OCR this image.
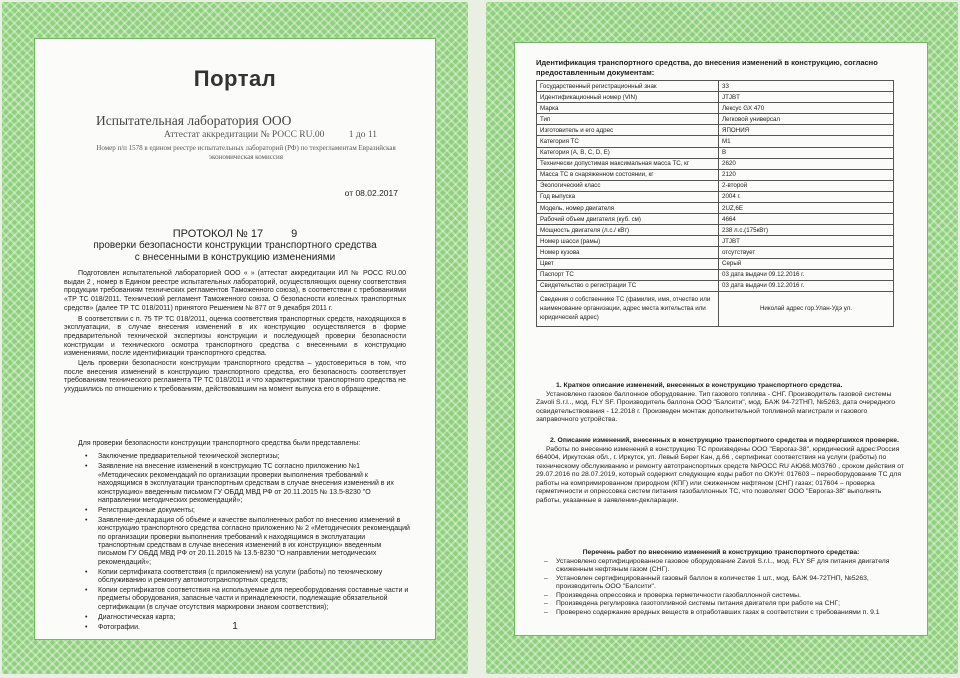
Портал
Испытательная лаборатория ООО
Аттестат аккредитации № РОСС RU.00	1 до 11
Номер п/п 1578 в едином реестре испытательных лабораторий (РФ) по техрегламентам Евразийская экономическая комиссия
от 08.02.2017
ПРОТОКОЛ № 17	9
проверки безопасности конструкции транспортного средства
с внесенными в конструкцию изменениями

Подготовлен испытательной лабораторией ООО « » (аттестат аккредитации ИЛ № РОСС RU.00 выдан 2 , номер в Едином реестре испытательных лабораторий, осуществляющих оценку соответствия продукции требованиям технических регламентов Таможенного союза), в соответствии с требованиями «ТР ТС 018/2011. Технический регламент Таможенного союза. О безопасности колесных транспортных средств» (далее ТР ТС 018/2011) принятого Решением № 877 от 9 декабря 2011 г.

В соответствии с п. 75 ТР ТС 018/2011, оценка соответствия транспортных средств, находящихся в эксплуатации, в случае внесения изменений в их конструкцию осуществляется в форме предварительной технической экспертизы конструкции и последующей проверки безопасности конструкции и технического осмотра транспортного средства с внесенными в конструкцию изменениями, после идентификации транспортного средства.

Цель проверки безопасности конструкции транспортного средства – удостовериться в том, что после внесения изменений в конструкцию транспортного средства, его безопасность соответствует требованиям технического регламента ТР ТС 018/2011 и что характеристики транспортного средства не ухудшились по отношению к требованиям, действовавшим на момент выпуска его в обращение.

Для проверки безопасности конструкции транспортного средства были представлены:
• Заключение предварительной технической экспертизы;
• Заявление на внесение изменений в конструкцию ТС согласно приложению №1 «Методических рекомендаций по организации проверки выполнения требований к находящимся в эксплуатации транспортным средствам в случае внесения изменений в их конструкцию» введенным письмом ГУ ОБДД МВД РФ от 20.11.2015 № 13.5-8230 "О направлении методических рекомендаций»;
• Регистрационные документы;
• Заявление-декларация об объёме и качестве выполненных работ по внесению изменений в конструкцию транспортного средства согласно приложению № 2 «Методических рекомендаций по организации проверки выполнения требований к находящимся в эксплуатации транспортным средствам в случае внесения изменений в их конструкцию» введенным письмом ГУ ОБДД МВД РФ от 20.11.2015 № 13.5-8230 "О направлении методических рекомендаций»;
• Копии сертификата соответствия (с приложением) на услуги (работы) по техническому обслуживанию и ремонту автомототранспортных средств;
• Копии сертификатов соответствия на используемые для переоборудования составные части и предметы оборудования, запасные части и принадлежности, подлежащие обязательной сертификации (в случае отсутствия маркировки знаком соответствия);
• Диагностическая карта;
• Фотографии.	1
Идентификация транспортного средства, до внесения изменений в конструкцию, согласно предоставленным документам:
Государственный регистрационный знак	33
Идентификационный номер (VIN)	JTJBT
Марка	Лексус GX 470
Тип	Легковой универсал
Изготовитель и его адрес	ЯПОНИЯ
Категория ТС	M1
Категория (A, B, C, D, E)	B
Технически допустимая максимальная масса ТС, кг	2620
Масса ТС в снаряженном состоянии, кг	2120
Экологический класс	2-второй
Год выпуска	2004 г.
Модель, номер двигателя	2UZ,6E
Рабочий объем двигателя (куб. см)	4664
Мощность двигателя (л.с./ кВт)	238 л.с.(175кВт)
Номер шасси (рамы)	JTJBT
Номер кузова	отсутствует
Цвет	Серый
Паспорт ТС	03 дата выдачи 09.12.2016 г.
Свидетельство о регистрации ТС	03 дата выдачи 09.12.2016 г.
Сведения о собственнике ТС (фамилия, имя, отчество или наименование организации, адрес места жительства или юридический адрес)	Николай адрес гор.Улан-Удэ ул.
1. Краткое описание изменений, внесенных в конструкцию транспортного средства.

Установлено газовое баллонное оборудование. Тип газового топлива - СНГ. Производитель газовой системы Zavoli S.r.l.., мод. FLY SF. Производитель баллона ООО "Балсити", мод. БАЖ 94-72ТНП, №5263, дата очередного освидетельствования - 12.2018 г. Произведен монтаж дополнительной топливной магистрали и газового заправочного устройства.

2. Описание изменений, внесенных в конструкцию транспортного средства и подвергшихся проверке.

Работы по внесению изменений в конструкцию ТС произведены ООО "Еврогаз-38", юридический адрес:Россия 664004, Иркутская обл., г. Иркутск, ул. Левый Берег Кан, д.66 , сертификат соответствия на услуги (работы) по техническому обслуживанию и ремонту автотранспортных средств №РОСС RU АЮ68.М03760 , сроком действия от 29.07.2016 по 28.07.2019, который содержит следующие коды работ по ОКУН: 017603 – переоборудование ТС для работы на компримированном природном (КПГ) или сжиженном нефтяном (СНГ) газах; 017604 – проверка герметичности и опрессовка систем питания газобаллонных ТС, что позволяет ООО "Еврогаз-38" выполнять работы, указанные в заявлении-декларации.

Перечень работ по внесению изменений в конструкцию транспортного средства:
– Установлено сертифицированное газовое оборудование Zavoli S.r.l.., мод. FLY SF для питания двигателя сжиженным нефтяным газом (СНГ).
– Установлен сертифицированный газовый баллон в количестве 1 шт., мод. БАЖ 94-72ТНП, №5263, производитель ООО "Балсити".
– Произведена опрессовка и проверка герметичности газобаллонной системы.
– Произведена регулировка газотопливной системы питания двигателя при работе на СНГ;
– Проверено содержание вредных веществ в отработавших газах в соответствии с требованиями п. 9.1
